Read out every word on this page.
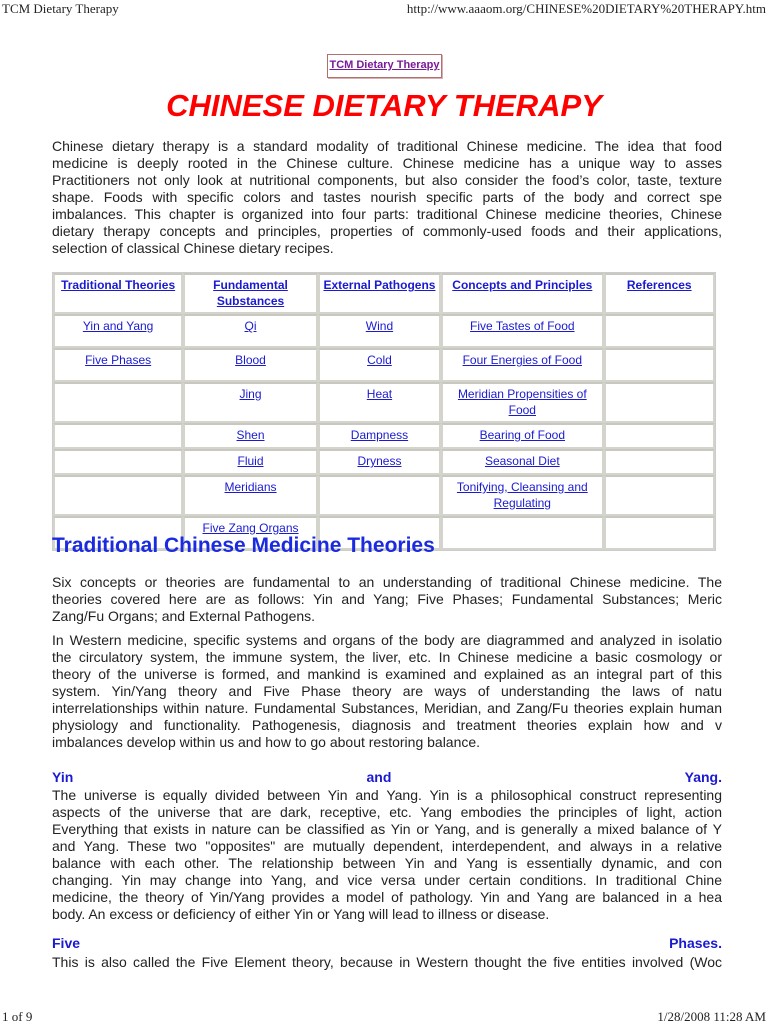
TCM Dietary Therapy	http://www.aaaom.org/CHINESE%20DIETARY%20THERAPY.htm
TCM Dietary Therapy
CHINESE DIETARY THERAPY
Chinese dietary therapy is a standard modality of traditional Chinese medicine. The idea that food
medicine is deeply rooted in the Chinese culture. Chinese medicine has a unique way to asses
Practitioners not only look at nutritional components, but also consider the food’s color, taste, texture
shape. Foods with specific colors and tastes nourish specific parts of the body and correct spe
imbalances. This chapter is organized into four parts: traditional Chinese medicine theories, Chinese
dietary therapy concepts and principles, properties of commonly-used foods and their applications,
selection of classical Chinese dietary recipes.
Traditional Theories	Fundamental Substances	External Pathogens	Concepts and Principles	References
Yin and Yang	Qi	Wind	Five Tastes of Food	
Five Phases	Blood	Cold	Four Energies of Food	
	Jing	Heat	Meridian Propensities of Food	
	Shen	Dampness	Bearing of Food	
	Fluid	Dryness	Seasonal Diet	
	Meridians		Tonifying, Cleansing and Regulating	
	Five Zang Organs			
Traditional Chinese Medicine Theories
Six concepts or theories are fundamental to an understanding of traditional Chinese medicine. The
theories covered here are as follows: Yin and Yang; Five Phases; Fundamental Substances; Meric
Zang/Fu Organs; and External Pathogens.
In Western medicine, specific systems and organs of the body are diagrammed and analyzed in isolatio
the circulatory system, the immune system, the liver, etc. In Chinese medicine a basic cosmology or
theory of the universe is formed, and mankind is examined and explained as an integral part of this
system. Yin/Yang theory and Five Phase theory are ways of understanding the laws of natu
interrelationships within nature. Fundamental Substances, Meridian, and Zang/Fu theories explain human
physiology and functionality. Pathogenesis, diagnosis and treatment theories explain how and v
imbalances develop within us and how to go about restoring balance.
Yin	and	Yang.
The universe is equally divided between Yin and Yang. Yin is a philosophical construct representing
aspects of the universe that are dark, receptive, etc. Yang embodies the principles of light, action
Everything that exists in nature can be classified as Yin or Yang, and is generally a mixed balance of Y
and Yang. These two "opposites" are mutually dependent, interdependent, and always in a relative
balance with each other. The relationship between Yin and Yang is essentially dynamic, and con
changing. Yin may change into Yang, and vice versa under certain conditions. In traditional Chine
medicine, the theory of Yin/Yang provides a model of pathology. Yin and Yang are balanced in a hea
body. An excess or deficiency of either Yin or Yang will lead to illness or disease.
Five	Phases.
This is also called the Five Element theory, because in Western thought the five entities involved (Woc
1 of 9	1/28/2008 11:28 AM
